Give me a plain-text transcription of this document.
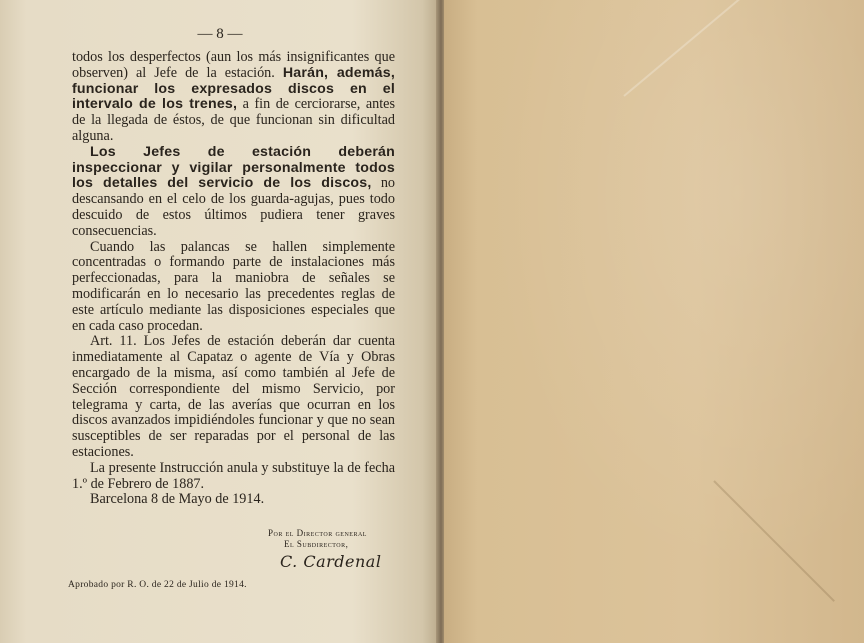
— 8 —

todos los desperfectos (aun los más insignificantes que observen) al Jefe de la estación. Harán, además, funcionar los expresados discos en el intervalo de los trenes, a fin de cerciorarse, antes de la llegada de éstos, de que funcionan sin dificultad alguna.

Los Jefes de estación deberán inspeccionar y vigilar personalmente todos los detalles del servicio de los discos, no descansando en el celo de los guarda-agujas, pues todo descuido de estos últimos pudiera tener graves consecuencias.

Cuando las palancas se hallen simplemente concentradas o formando parte de instalaciones más perfeccionadas, para la maniobra de señales se modificarán en lo necesario las precedentes reglas de este artículo mediante las disposiciones especiales que en cada caso procedan.

Art. 11. Los Jefes de estación deberán dar cuenta inmediatamente al Capataz o agente de Vía y Obras encargado de la misma, así como también al Jefe de Sección correspondiente del mismo Servicio, por telegrama y carta, de las averías que ocurran en los discos avanzados impidiéndoles funcionar y que no sean susceptibles de ser reparadas por el personal de las estaciones.

La presente Instrucción anula y substituye la de fecha 1.º de Febrero de 1887.

Barcelona 8 de Mayo de 1914.

Por el Director general
El Subdirector,
C. Cardenal
Aprobado por R. O. de 22 de Julio de 1914.
